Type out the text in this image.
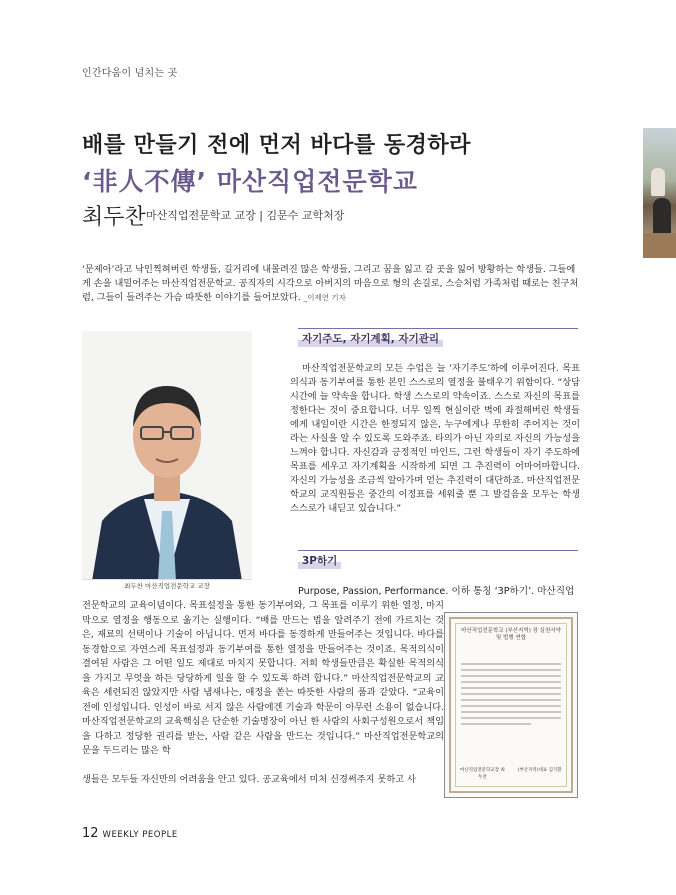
인간다움이 넘치는 곳
배를 만들기 전에 먼저 바다를 동경하라
‘非人不傳’ 마산직업전문학교
최두찬 마산직업전문학교 교장 | 김문수 교학처장
‘문제아’라고 낙인찍혀버린 학생들, 길거리에 내몰려진 많은 학생들, 그리고 꿈을 잃고 갈 곳을 잃어 방황하는 학생들. 그들에게 손을 내밀어주는 마산직업전문학교. 공직자의 시각으로 아버지의 마음으로 형의 손길로, 스승처럼 가족처럼 때로는 친구처럼, 그들이 들려주는 가슴 따뜻한 이야기를 들어보았다. _이제연 기자
최두찬 마산직업전문학교 교장
자기주도, 자기계획, 자기관리
마산직업전문학교의 모든 수업은 늘 ‘자기주도’하에 이루어진다. 목표의식과 동기부여를 통한 본인 스스로의 열정을 불태우기 위함이다. “상담시간에 늘 약속을 합니다. 학생 스스로의 약속이죠. 스스로 자신의 목표를 정한다는 것이 중요합니다. 너무 일찍 현실이란 벽에 좌절해버린 학생들에게 내일이란 시간은 한정되지 않은, 누구에게나 무한히 주어지는 것이라는 사실을 알 수 있도록 도와주죠. 타의가 아닌 자의로 자신의 가능성을 느껴야 합니다. 자신감과 긍정적인 마인드, 그런 학생들이 자기 주도하에 목표를 세우고 자기계획을 시작하게 되면 그 추진력이 어마어마합니다. 자신의 가능성을 조금씩 알아가며 얻는 추진력이 대단하죠. 마산직업전문학교의 교직원들은 중간의 이정표를 세워줄 뿐 그 발걸음을 모두는 학생 스스로가 내딛고 있습니다.”
3P하기
Purpose, Passion, Performance. 이하 통칭 ‘3P하기’. 마산직업
전문학교의 교육이념이다. 목표설정을 통한 동기부여와, 그 목표를 이루기 위한 열정, 마지막으로 열정을 행동으로 옮기는 실행이다. “배를 만드는 법을 알려주기 전에 가르치는 것은, 재료의 선택이나 기술이 아닙니다. 먼저 바다를 동경하게 만들어주는 것입니다. 바다를 동경함으로 자연스레 목표설정과 동기부여를 통한 열정을 만들어주는 것이죠. 목적의식이 결여된 사람은 그 어떤 일도 제대로 마치지 못합니다. 저희 학생들만큼은 확실한 목적의식을 가지고 무엇을 하든 당당하게 일을 할 수 있도록 하려 합니다.” 마산직업전문학교의 교육은 세련되진 않았지만 사람 냄새나는, 애정을 쏟는 따뜻한 사람의 품과 같았다. “교육이전에 인성입니다. 인성이 바로 서지 않은 사람에겐 기술과 학문이 아무런 소용이 없습니다. 마산직업전문학교의 교육핵심은 단순한 기술명장이 아닌 한 사람의 사회구성원으로서 책임을 다하고 정당한 권리를 받는, 사람 같은 사람을 만드는 것입니다.” 마산직업전문학교의 문을 두드리는 많은 학
생들은 모두들 자신만의 어려움을 안고 있다. 공교육에서 미처 신경써주지 못하고 사
마산직업전문학교 (부산지역) 장 실천서약 및 법행 연합
마산직업전문학교장 최두찬
(부산지역)대표 김기환
12 WEEKLY PEOPLE
